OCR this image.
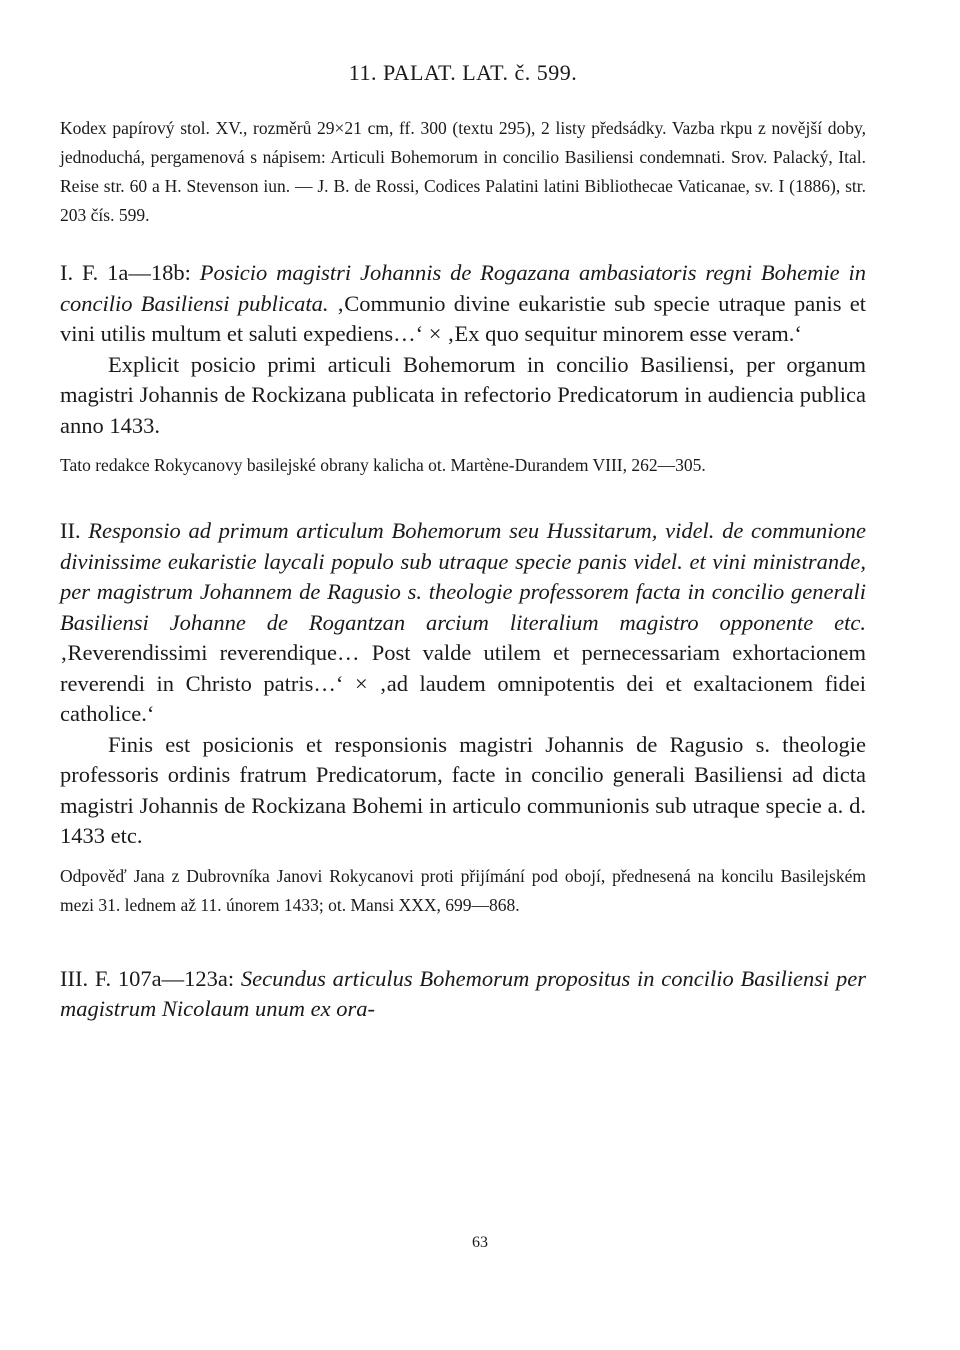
11. PALAT. LAT. č. 599.

Kodex papírový stol. XV., rozměrů 29×21 cm, ff. 300 (textu 295), 2 listy předsádky. Vazba rkpu z novější doby, jednoduchá, pergamenová s nápisem: Articuli Bohemorum in concilio Basiliensi condemnati. Srov. Palacký, Ital. Reise str. 60 a H. Stevenson iun. — J. B. de Rossi, Codices Palatini latini Bibliothecae Vaticanae, sv. I (1886), str. 203 čís. 599.

I. F. 1a—18b: Posicio magistri Johannis de Rogazana ambasiatoris regni Bohemie in concilio Basiliensi publicata. ‚Communio divine eukaristie sub specie utraque panis et vini utilis multum et saluti expediens…‘ × ‚Ex quo sequitur minorem esse veram.‘

Explicit posicio primi articuli Bohemorum in concilio Basiliensi, per organum magistri Johannis de Rockizana publicata in refectorio Predicatorum in audiencia publica anno 1433.

Tato redakce Rokycanovy basilejské obrany kalicha ot. Martène-Durandem VIII, 262—305.

II. Responsio ad primum articulum Bohemorum seu Hussitarum, videl. de communione divinissime eukaristie laycali populo sub utraque specie panis videl. et vini ministrande, per magistrum Johannem de Ragusio s. theologie professorem facta in concilio generali Basiliensi Johanne de Rogantzan arcium literalium magistro opponente etc. ‚Reverendissimi reverendique… Post valde utilem et pernecessariam exhortacionem reverendi in Christo patris…‘ × ‚ad laudem omnipotentis dei et exaltacionem fidei catholice.‘

Finis est posicionis et responsionis magistri Johannis de Ragusio s. theologie professoris ordinis fratrum Predicatorum, facte in concilio generali Basiliensi ad dicta magistri Johannis de Rockizana Bohemi in articulo communionis sub utraque specie a. d. 1433 etc.

Odpověď Jana z Dubrovníka Janovi Rokycanovi proti přijímání pod obojí, přednesená na koncilu Basilejském mezi 31. lednem až 11. únorem 1433; ot. Mansi XXX, 699—868.

III. F. 107a—123a: Secundus articulus Bohemorum propositus in concilio Basiliensi per magistrum Nicolaum unum ex ora-

63
